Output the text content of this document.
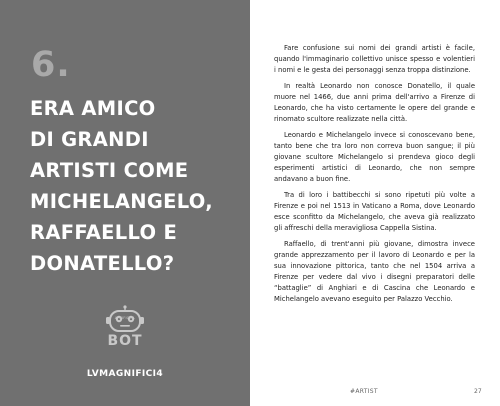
6.
ERA AMICO
DI GRANDI
ARTISTI COME
MICHELANGELO,
RAFFAELLO E
DONATELLO?
ARTIFICIAL
BOT
LVMAGNIFICI4

Fare confusione sui nomi dei grandi artisti è facile, quando l'immaginario collettivo unisce spesso e volentieri i nomi e le gesta dei personaggi senza troppa distinzione.

In realtà Leonardo non conosce Donatello, il quale muore nel 1466, due anni prima dell'arrivo a Firenze di Leonardo, che ha visto certamente le opere del grande e rinomato scultore realizzate nella città.

Leonardo e Michelangelo invece si conoscevano bene, tanto bene che tra loro non correva buon sangue; il più giovane scultore Michelangelo si prendeva gioco degli esperimenti artistici di Leonardo, che non sempre andavano a buon fine.

Tra di loro i battibecchi si sono ripetuti più volte a Firenze e poi nel 1513 in Vaticano a Roma, dove Leonardo esce sconfitto da Michelangelo, che aveva già realizzato gli affreschi della meravigliosa Cappella Sistina.

Raffaello, di trent'anni più giovane, dimostra invece grande apprezzamento per il lavoro di Leonardo e per la sua innovazione pittorica, tanto che nel 1504 arriva a Firenze per vedere dal vivo i disegni preparatori delle “battaglie” di Anghiari e di Cascina che Leonardo e Michelangelo avevano eseguito per Palazzo Vecchio.

#ARTIST	27
